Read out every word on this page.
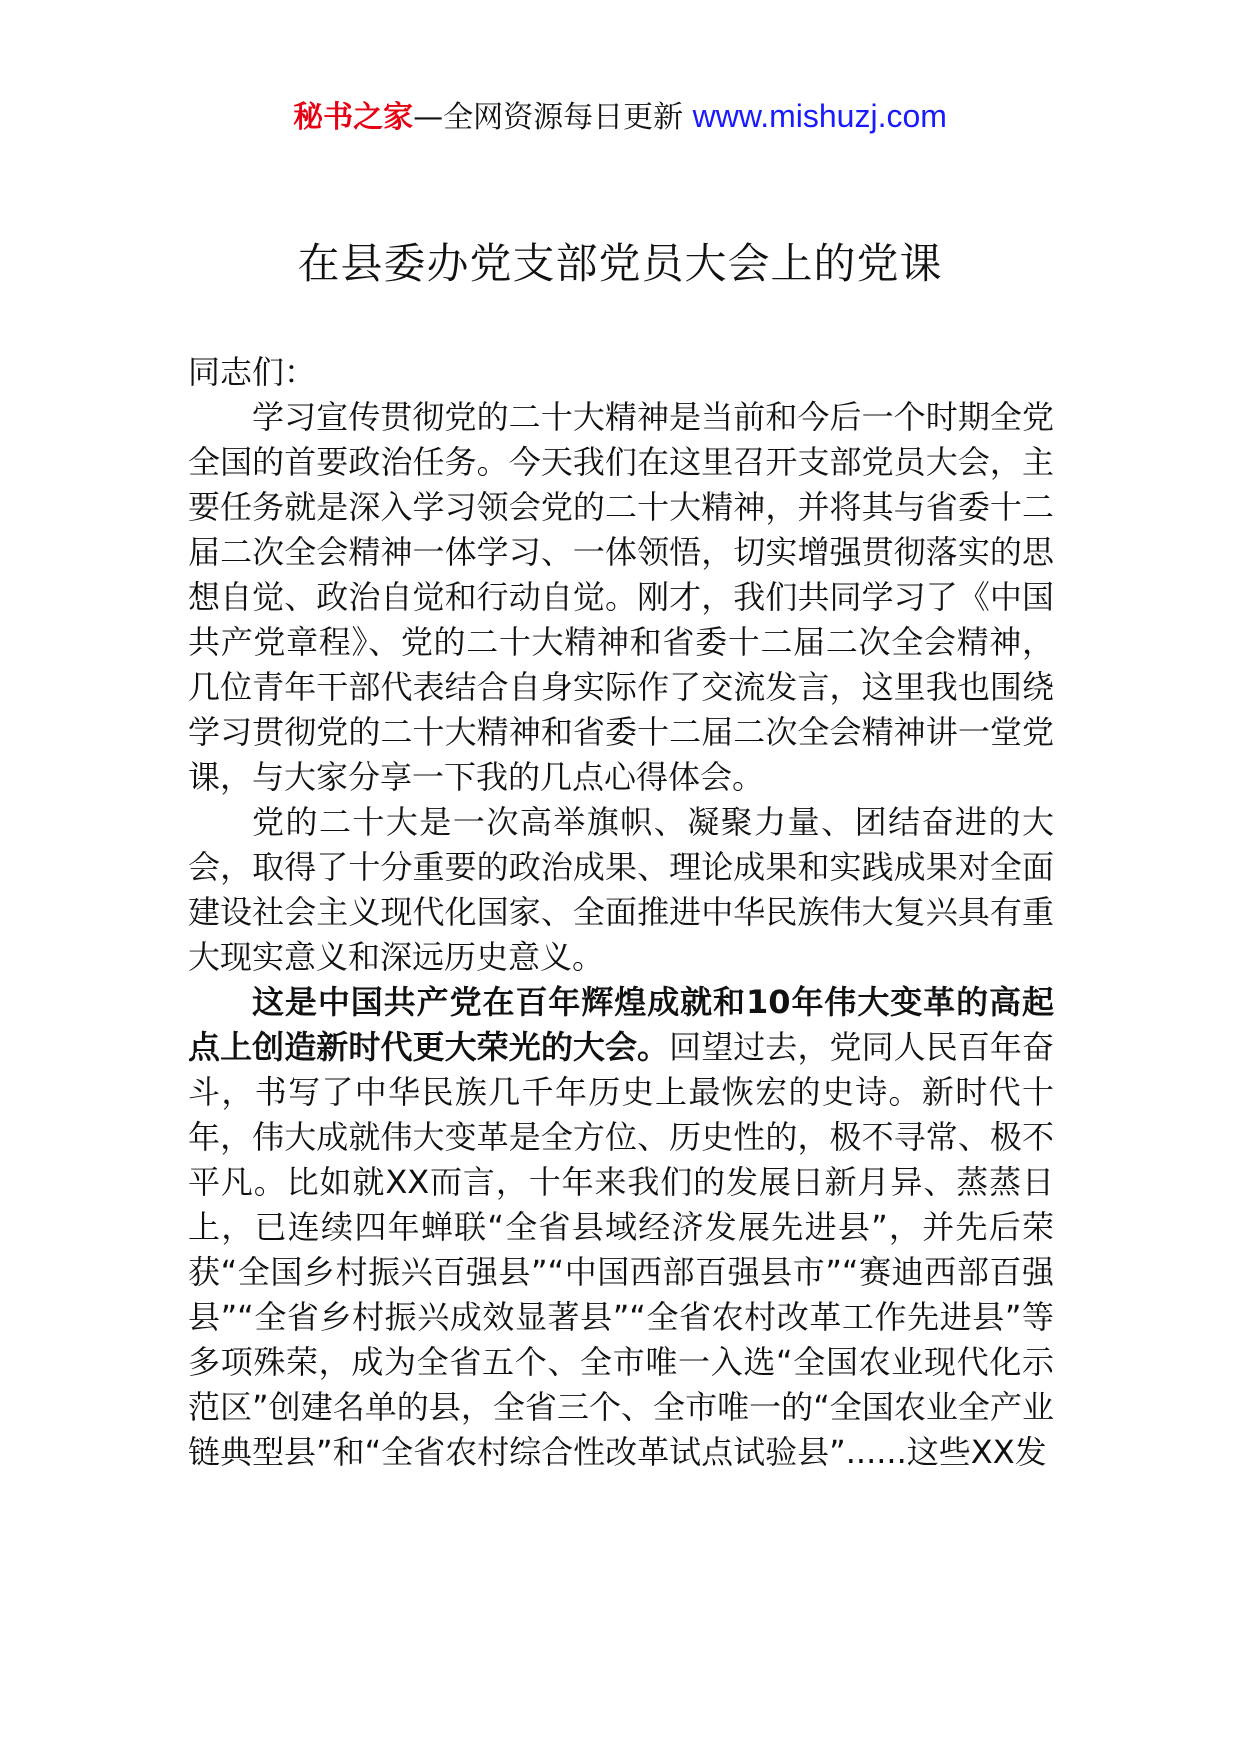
秘书之家—全网资源每日更新 www.mishuzj.com
在县委办党支部党员大会上的党课

同志们：

学习宣传贯彻党的二十大精神是当前和今后一个时期全党全国的首要政治任务。今天我们在这里召开支部党员大会，主要任务就是深入学习领会党的二十大精神，并将其与省委十二届二次全会精神一体学习、一体领悟，切实增强贯彻落实的思想自觉、政治自觉和行动自觉。刚才，我们共同学习了《中国共产党章程》、党的二十大精神和省委十二届二次全会精神，几位青年干部代表结合自身实际作了交流发言，这里我也围绕学习贯彻党的二十大精神和省委十二届二次全会精神讲一堂党课，与大家分享一下我的几点心得体会。

党的二十大是一次高举旗帜、凝聚力量、团结奋进的大会，取得了十分重要的政治成果、理论成果和实践成果对全面建设社会主义现代化国家、全面推进中华民族伟大复兴具有重大现实意义和深远历史意义。

这是中国共产党在百年辉煌成就和10年伟大变革的高起点上创造新时代更大荣光的大会。回望过去，党同人民百年奋斗，书写了中华民族几千年历史上最恢宏的史诗。新时代十年，伟大成就伟大变革是全方位、历史性的，极不寻常、极不平凡。比如就XX而言，十年来我们的发展日新月异、蒸蒸日上，已连续四年蝉联“全省县域经济发展先进县”，并先后荣获“全国乡村振兴百强县”“中国西部百强县市”“赛迪西部百强县”“全省乡村振兴成效显著县”“全省农村改革工作先进县”等多项殊荣，成为全省五个、全市唯一入选“全国农业现代化示范区”创建名单的县，全省三个、全市唯一的“全国农业全产业链典型县”和“全省农村综合性改革试点试验县”......这些XX发
